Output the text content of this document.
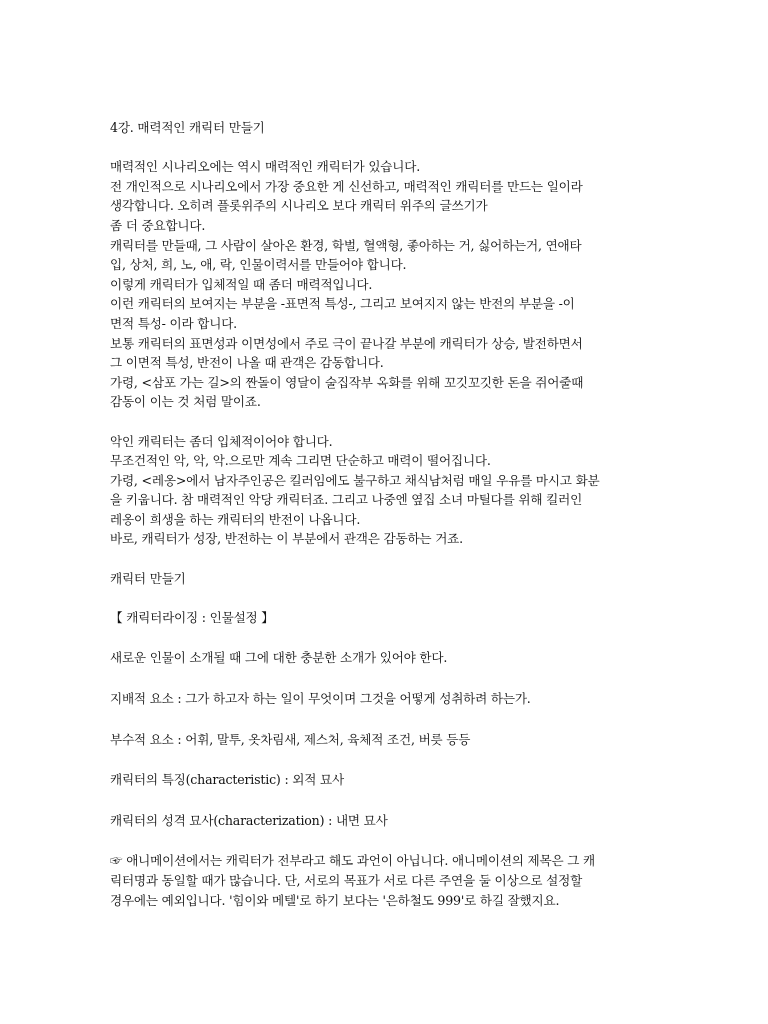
4강. 매력적인 캐릭터 만들기

매력적인 시나리오에는 역시 매력적인 캐릭터가 있습니다.

전 개인적으로 시나리오에서 가장 중요한 게 신선하고, 매력적인 캐릭터를 만드는 일이라

생각합니다. 오히려 플롯위주의 시나리오 보다 캐릭터 위주의 글쓰기가

좀 더 중요합니다.

캐릭터를 만들때, 그 사람이 살아온 환경, 학벌, 혈액형, 좋아하는 거, 싫어하는거, 연애타

입, 상처, 희, 노, 애, 락, 인물이력서를 만들어야 합니다.

이렇게 캐릭터가 입체적일 때 좀더 매력적입니다.

이런 캐릭터의 보여지는 부분을 -표면적 특성-, 그리고 보여지지 않는 반전의 부분을 -이

면적 특성- 이라 합니다.

보통 캐릭터의 표면성과 이면성에서 주로 극이 끝나갈 부분에 캐릭터가 상승, 발전하면서

그 이면적 특성, 반전이 나올 때 관객은 감동합니다.

가령, <삼포 가는 길>의 짠돌이 영달이 술집작부 옥화를 위해 꼬깃꼬깃한 돈을 쥐어줄때

감동이 이는 것 처럼 말이죠.

악인 캐릭터는 좀더 입체적이어야 합니다.

무조건적인 악, 악, 악.으로만 계속 그리면 단순하고 매력이 떨어집니다.

가령, <레옹>에서 남자주인공은 킬러임에도 불구하고 채식남처럼 매일 우유를 마시고 화분

을 키웁니다. 참 매력적인 악당 캐릭터죠. 그리고 나중엔 옆집 소녀 마틸다를 위해 킬러인

레옹이 희생을 하는 캐릭터의 반전이 나옵니다.

바로, 캐릭터가 성장, 반전하는 이 부분에서 관객은 감동하는 거죠.

캐릭터 만들기

【 캐릭터라이징 : 인물설정 】

새로운 인물이 소개될 때 그에 대한 충분한 소개가 있어야 한다.

지배적 요소 : 그가 하고자 하는 일이 무엇이며 그것을 어떻게 성취하려 하는가.

부수적 요소 : 어휘, 말투, 옷차림새, 제스처, 육체적 조건, 버릇 등등

캐릭터의 특징(characteristic) : 외적 묘사

캐릭터의 성격 묘사(characterization) : 내면 묘사

☞ 애니메이션에서는 캐릭터가 전부라고 해도 과언이 아닙니다. 애니메이션의 제목은 그 캐

릭터명과 동일할 때가 많습니다. 단, 서로의 목표가 서로 다른 주연을 둘 이상으로 설정할

경우에는 예외입니다. '힘이와 메텔'로 하기 보다는 '은하철도 999'로 하길 잘했지요.
